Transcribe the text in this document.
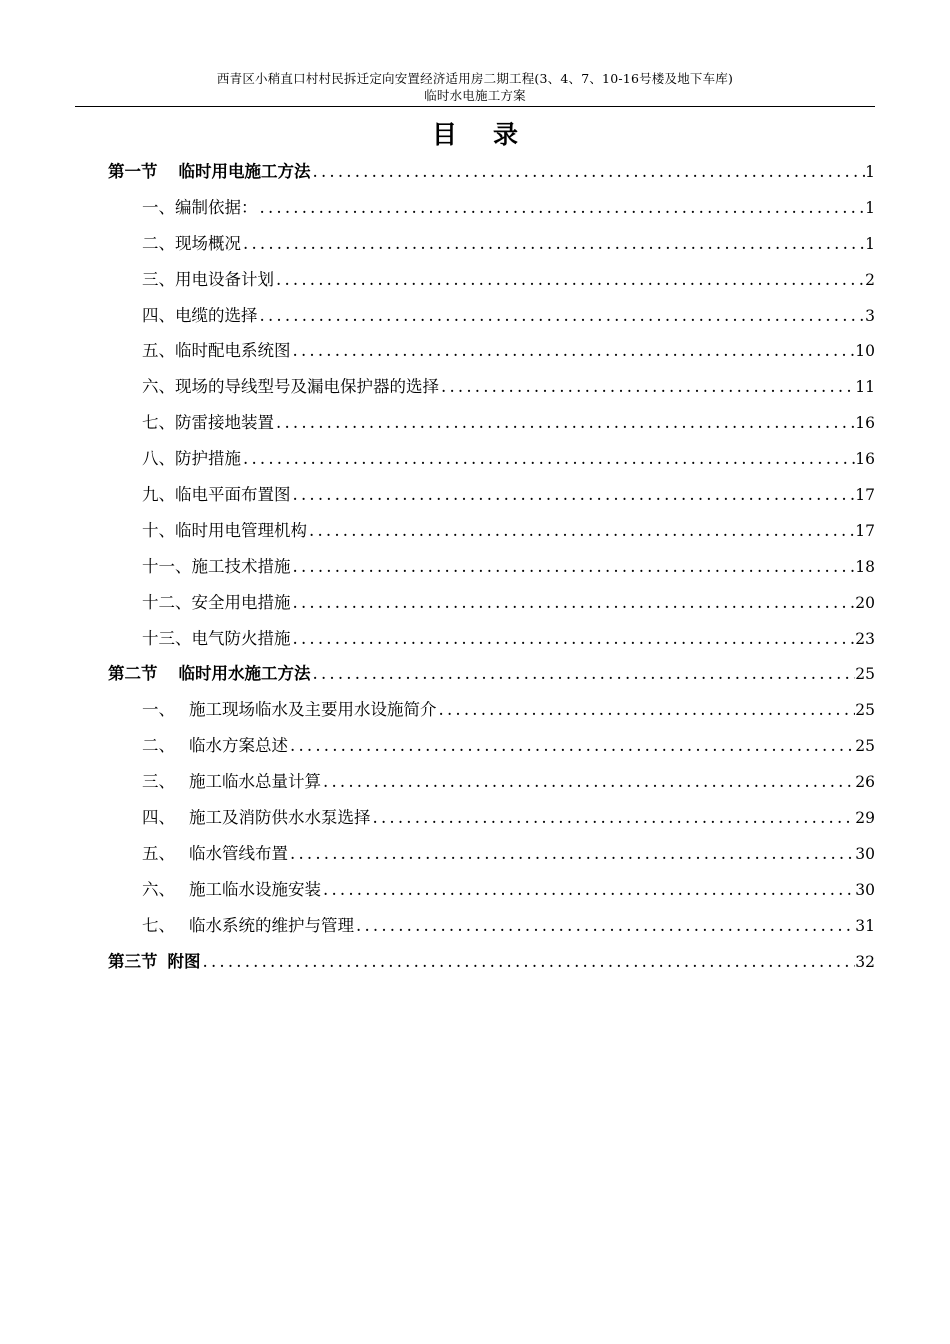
西青区小稍直口村村民拆迁定向安置经济适用房二期工程(3、4、7、10-16号楼及地下车库)
临时水电施工方案
目 录
第一节 临时用电施工方法 .....	1
一、编制依据： .....	1
二、现场概况 .....	1
三、用电设备计划 .....	2
四、电缆的选择 .....	3
五、临时配电系统图 .....	10
六、现场的导线型号及漏电保护器的选择 .....	11
七、防雷接地装置 .....	16
八、防护措施 .....	16
九、临电平面布置图 .....	17
十、临时用电管理机构 .....	17
十一、施工技术措施 .....	18
十二、安全用电措施 .....	20
十三、电气防火措施 .....	23
第二节 临时用水施工方法 .....	25
一、 施工现场临水及主要用水设施简介 .....	25
二、 临水方案总述 .....	25
三、 施工临水总量计算 .....	26
四、 施工及消防供水水泵选择 .....	29
五、 临水管线布置 .....	30
六、 施工临水设施安装 .....	30
七、 临水系统的维护与管理 .....	31
第三节 附图 .....	32
